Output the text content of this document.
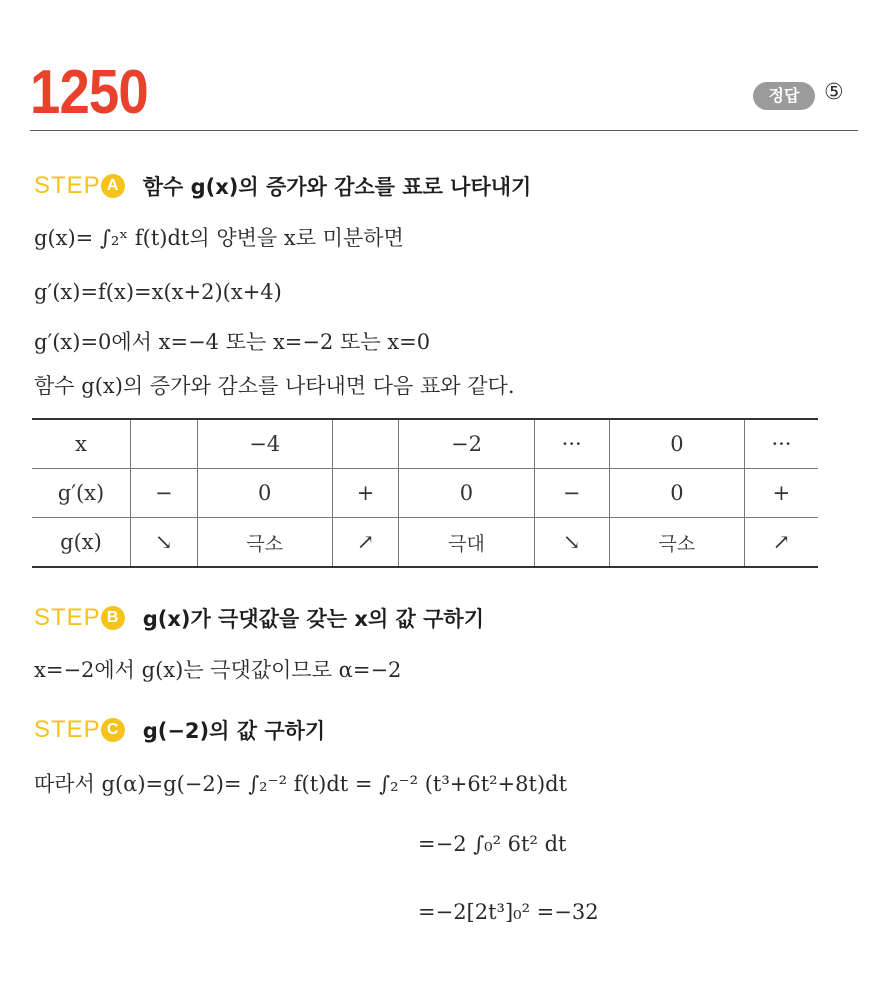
1250	정답	⑤
STEP A 함수 g(x)의 증가와 감소를 표로 나타내기
g(x)= ∫₂ˣ f(t)dt의 양변을 x로 미분하면
g′(x)=f(x)=x(x+2)(x+4)
g′(x)=0에서 x=−4 또는 x=−2 또는 x=0
함수 g(x)의 증가와 감소를 나타내면 다음 표와 같다.
x		−4		−2	···	0	···
g′(x)	−	0	+	0	−	0	+
g(x)	↘	극소	↗	극대	↘	극소	↗
STEP B g(x)가 극댓값을 갖는 x의 값 구하기
x=−2에서 g(x)는 극댓값이므로 α=−2
STEP C g(−2)의 값 구하기
따라서 g(α)=g(−2)= ∫₂⁻² f(t)dt = ∫₂⁻² (t³+6t²+8t)dt
=−2 ∫₀² 6t² dt
=−2[2t³]₀² =−32
